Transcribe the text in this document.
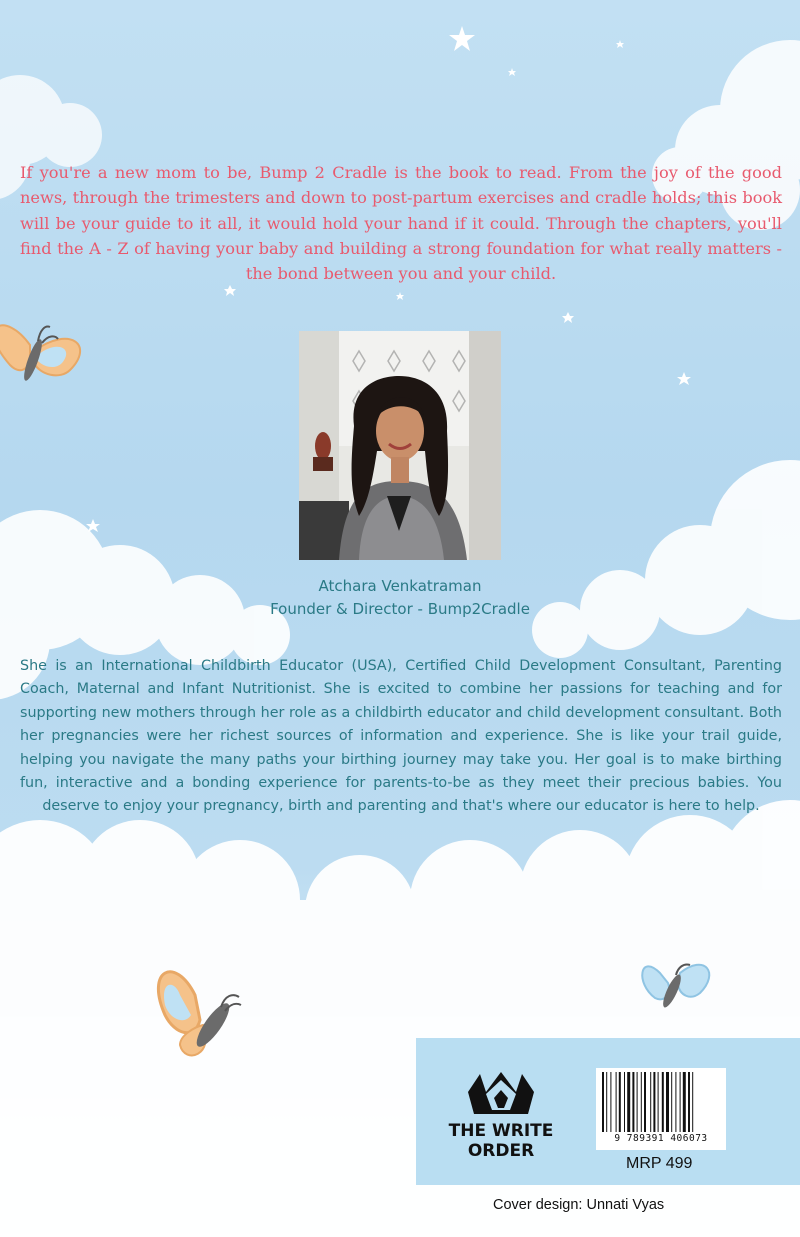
If you're a new mom to be, Bump 2 Cradle is the book to read. From the joy of the good news, through the trimesters and down to post-partum exercises and cradle holds; this book will be your guide to it all, it would hold your hand if it could. Through the chapters, you'll find the A - Z of having your baby and building a strong foundation for what really matters - the bond between you and your child.

Atchara Venkatraman
Founder & Director - Bump2Cradle

She is an International Childbirth Educator (USA), Certified Child Development Consultant, Parenting Coach, Maternal and Infant Nutritionist. She is excited to combine her passions for teaching and for supporting new mothers through her role as a childbirth educator and child development consultant. Both her pregnancies were her richest sources of information and experience. She is like your trail guide, helping you navigate the many paths your birthing journey may take you. Her goal is to make birthing fun, interactive and a bonding experience for parents-to-be as they meet their precious babies. You deserve to enjoy your pregnancy, birth and parenting and that's where our educator is here to help.

THE WRITE
ORDER
9 789391 406073
MRP 499
Cover design: Unnati Vyas
